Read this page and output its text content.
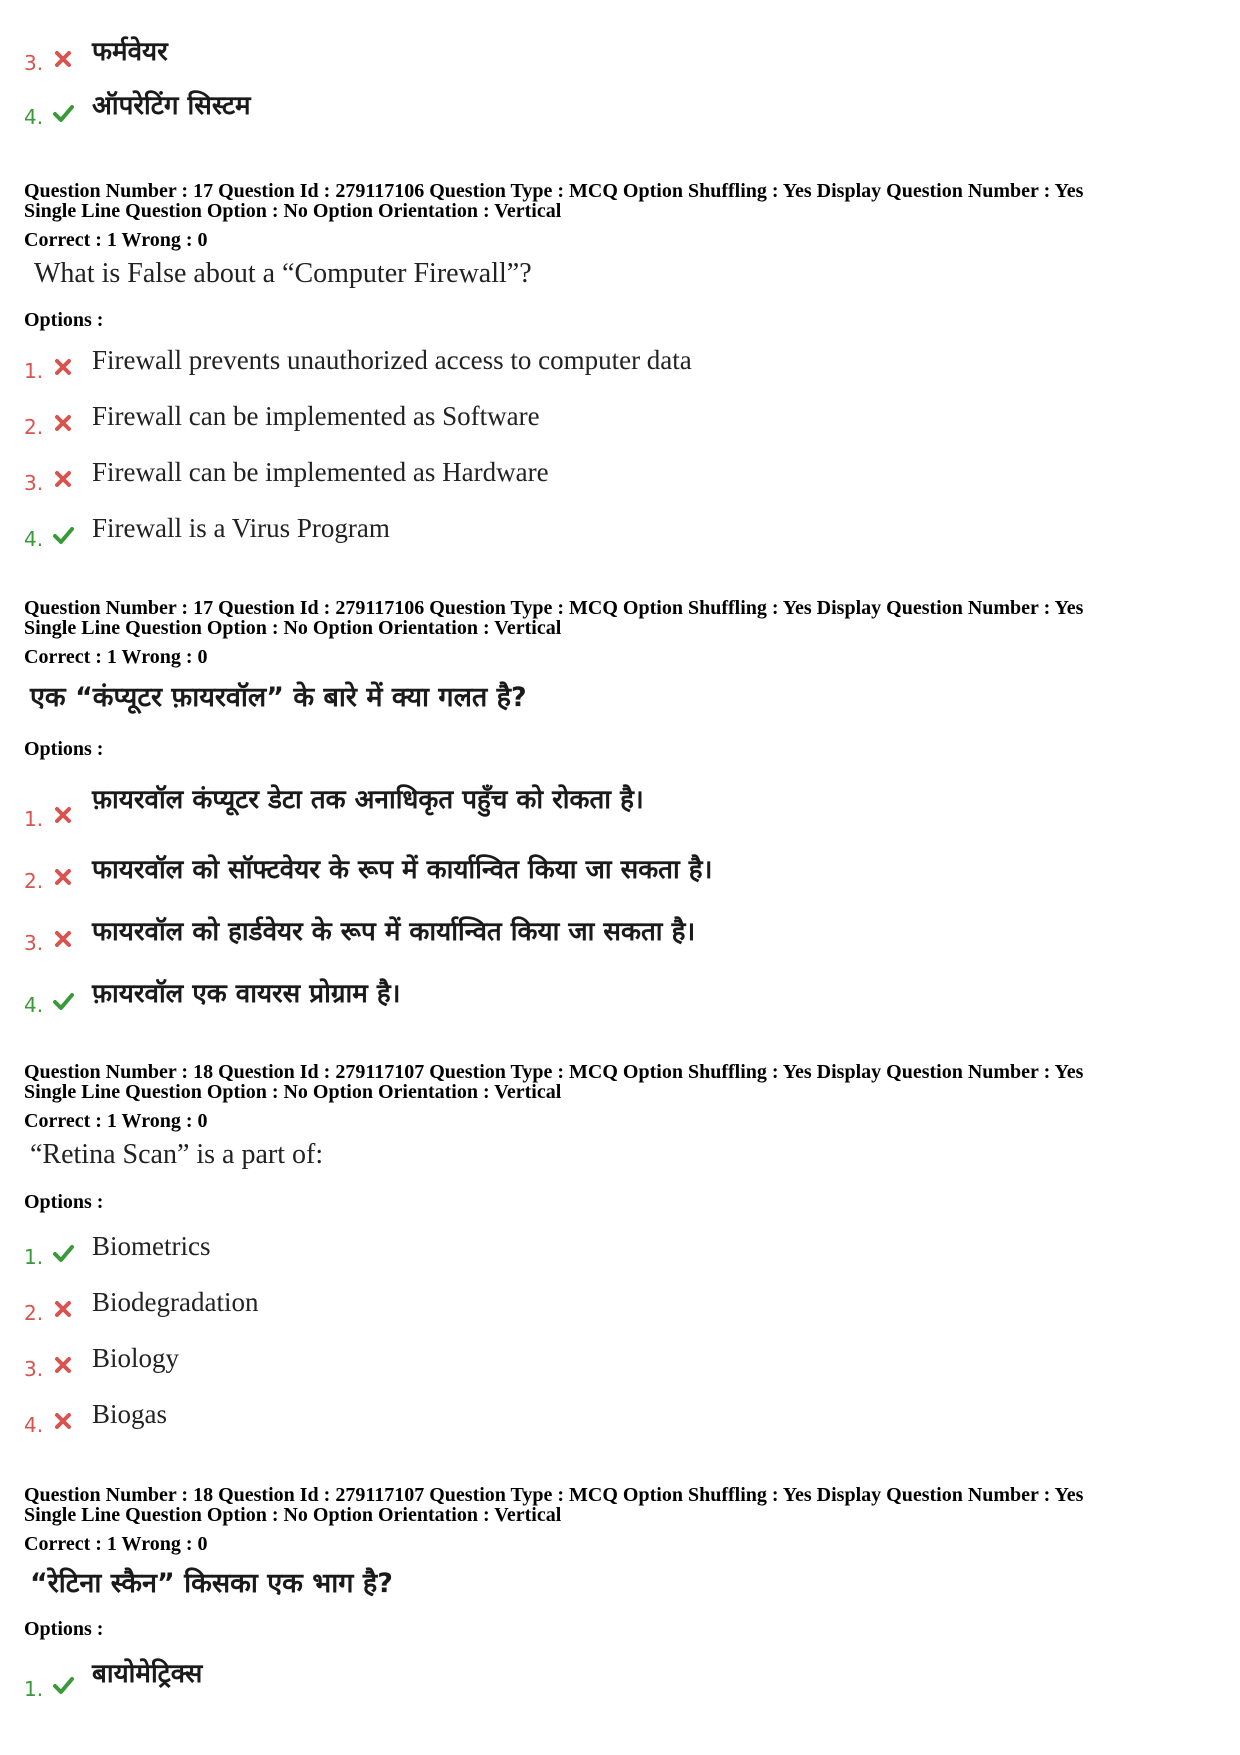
3. फर्मवेयर
4. ऑपरेटिंग सिस्टम
Question Number : 17 Question Id : 279117106 Question Type : MCQ Option Shuffling : Yes Display Question Number : Yes
Single Line Question Option : No Option Orientation : Vertical
Correct : 1 Wrong : 0
What is False about a “Computer Firewall”?
Options :
1. Firewall prevents unauthorized access to computer data
2. Firewall can be implemented as Software
3. Firewall can be implemented as Hardware
4. Firewall is a Virus Program
Question Number : 17 Question Id : 279117106 Question Type : MCQ Option Shuffling : Yes Display Question Number : Yes
Single Line Question Option : No Option Orientation : Vertical
Correct : 1 Wrong : 0
एक “कंप्यूटर फ़ायरवॉल” के बारे में क्या गलत है?
Options :
1.
फ़ायरवॉल कंप्यूटर डेटा तक अनाधिकृत पहुँच को रोकता है।
2. फायरवॉल को सॉफ्टवेयर के रूप में कार्यान्वित किया जा सकता है।
3. फायरवॉल को हार्डवेयर के रूप में कार्यान्वित किया जा सकता है।
4. फ़ायरवॉल एक वायरस प्रोग्राम है।
Question Number : 18 Question Id : 279117107 Question Type : MCQ Option Shuffling : Yes Display Question Number : Yes
Single Line Question Option : No Option Orientation : Vertical
Correct : 1 Wrong : 0
“Retina Scan” is a part of:
Options :
1. Biometrics
2. Biodegradation
3. Biology
4. Biogas
Question Number : 18 Question Id : 279117107 Question Type : MCQ Option Shuffling : Yes Display Question Number : Yes
Single Line Question Option : No Option Orientation : Vertical
Correct : 1 Wrong : 0
“रेटिना स्कैन” किसका एक भाग है?
Options :
1. बायोमेट्रिक्स
